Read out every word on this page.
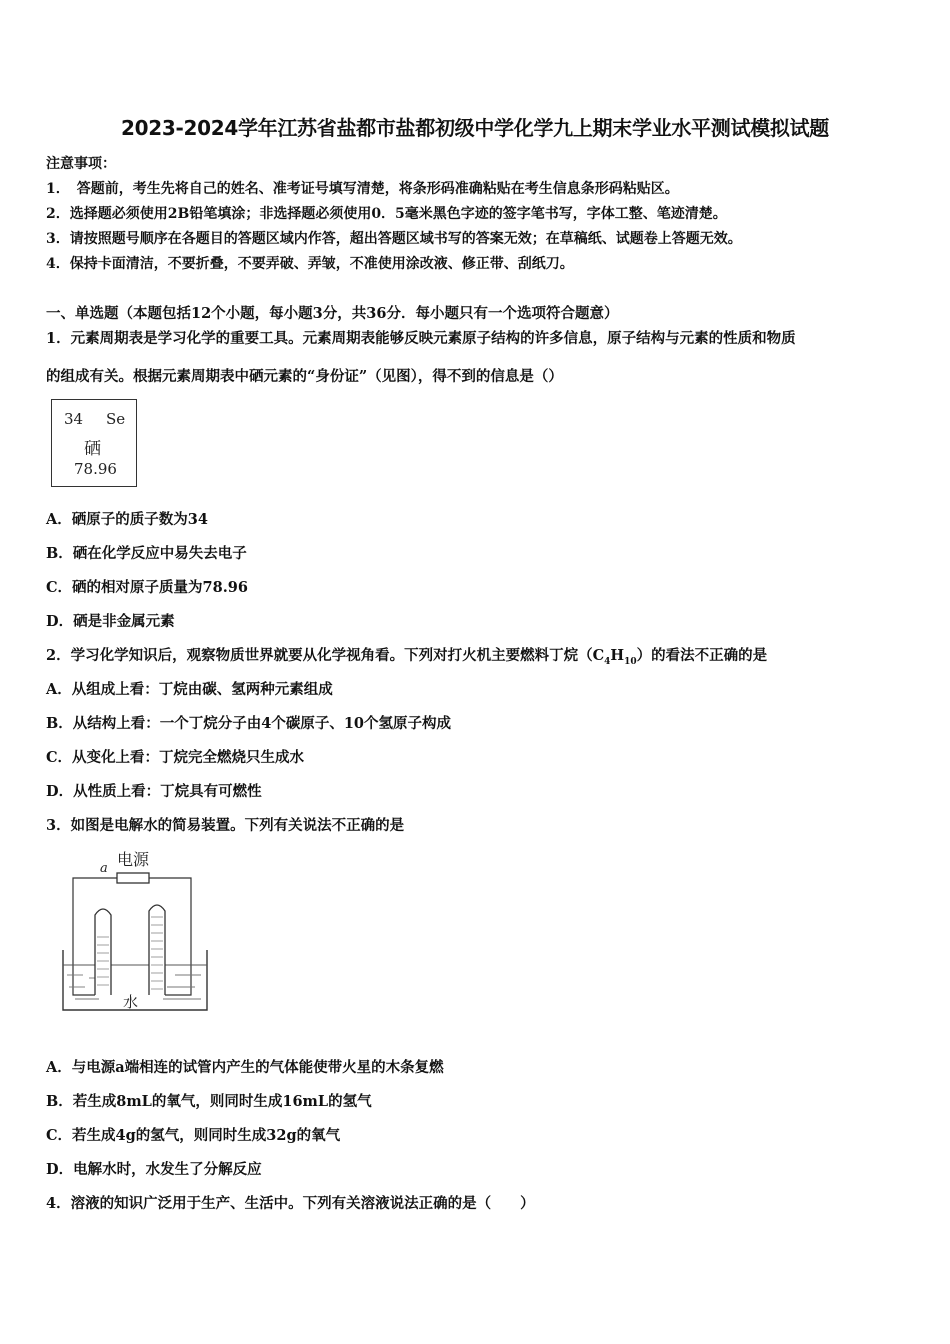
2023-2024学年江苏省盐都市盐都初级中学化学九上期末学业水平测试模拟试题
注意事项：
1．　答题前，考生先将自己的姓名、准考证号填写清楚，将条形码准确粘贴在考生信息条形码粘贴区。
2．选择题必须使用2B铅笔填涂；非选择题必须使用0．5毫米黑色字迹的签字笔书写，字体工整、笔迹清楚。
3．请按照题号顺序在各题目的答题区域内作答，超出答题区域书写的答案无效；在草稿纸、试题卷上答题无效。
4．保持卡面清洁，不要折叠，不要弄破、弄皱，不准使用涂改液、修正带、刮纸刀。
一、单选题（本题包括12个小题，每小题3分，共36分．每小题只有一个选项符合题意）
1．元素周期表是学习化学的重要工具。元素周期表能够反映元素原子结构的许多信息，原子结构与元素的性质和物质
的组成有关。根据元素周期表中硒元素的“身份证”（见图），得不到的信息是（）
34 Se
硒
78.96
A．硒原子的质子数为34
B．硒在化学反应中易失去电子
C．硒的相对原子质量为78.96
D．硒是非金属元素
2．学习化学知识后，观察物质世界就要从化学视角看。下列对打火机主要燃料丁烷$(C_4H_{10})$的看法不正确的是
A．从组成上看：丁烷由碳、氢两种元素组成
B．从结构上看：一个丁烷分子由4个碳原子、10个氢原子构成
C．从变化上看：丁烷完全燃烧只生成水
D．从性质上看：丁烷具有可燃性
3．如图是电解水的简易装置。下列有关说法不正确的是
电源
a
水
A．与电源a端相连的试管内产生的气体能使带火星的木条复燃
B．若生成8mL的氧气，则同时生成16mL的氢气
C．若生成4g的氢气，则同时生成32g的氧气
D．电解水时，水发生了分解反应
4．溶液的知识广泛用于生产、生活中。下列有关溶液说法正确的是（　　）
